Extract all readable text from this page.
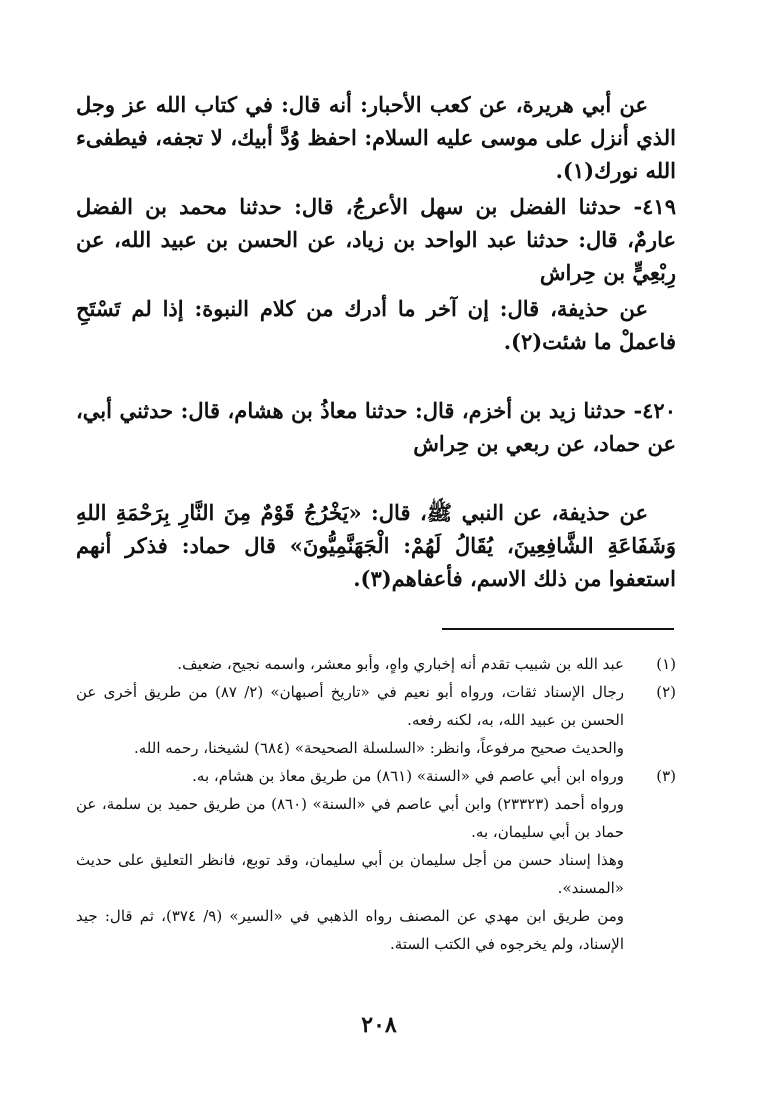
عن أبي هريرة، عن كعب الأحبار: أنه قال: في كتاب الله عز وجل الذي أنزل على موسى عليه السلام: احفظ وُدَّ أبيك، لا تجفه، فيطفىء الله نورك(١).

٤١٩- حدثنا الفضل بن سهل الأعرجُ، قال: حدثنا محمد بن الفضل عارمٌ، قال: حدثنا عبد الواحد بن زياد، عن الحسن بن عبيد الله، عن رِبْعِيٍّ بن حِراش

عن حذيفة، قال: إن آخر ما أدرك من كلام النبوة: إذا لم تَسْتَحِ فاعملْ ما شئت(٢).

٤٢٠- حدثنا زيد بن أخزم، قال: حدثنا معاذُ بن هشام، قال: حدثني أبي، عن حماد، عن ربعي بن حِراش

عن حذيفة، عن النبي ﷺ، قال: «يَخْرُجُ قَوْمٌ مِنَ النَّارِ بِرَحْمَةِ اللهِ وَشَفَاعَةِ الشَّافِعِينَ، يُقَالُ لَهُمْ: الْجَهَنَّمِيُّونَ» قال حماد: فذكر أنهم استعفوا من ذلك الاسم، فأعفاهم(٣).

(١)
عبد الله بن شبيب تقدم أنه إخباري واهٍ، وأبو معشر، واسمه نجيح، ضعيف.
(٢)
رجال الإسناد ثقات، ورواه أبو نعيم في «تاريخ أصبهان» (٢/ ٨٧) من طريق أخرى عن الحسن بن عبيد الله، به، لكنه رفعه.
والحديث صحيح مرفوعاً، وانظر: «السلسلة الصحيحة» (٦٨٤) لشيخنا، رحمه الله.
(٣)
ورواه ابن أبي عاصم في «السنة» (٨٦١) من طريق معاذ بن هشام، به.
ورواه أحمد (٢٣٣٢٣) وابن أبي عاصم في «السنة» (٨٦٠) من طريق حميد بن سلمة، عن حماد بن أبي سليمان، به.
وهذا إسناد حسن من أجل سليمان بن أبي سليمان، وقد توبع، فانظر التعليق على حديث «المسند».
ومن طريق ابن مهدي عن المصنف رواه الذهبي في «السير» (٩/ ٣٧٤)، ثم قال: جيد الإسناد، ولم يخرجوه في الكتب الستة.
٢٠٨
